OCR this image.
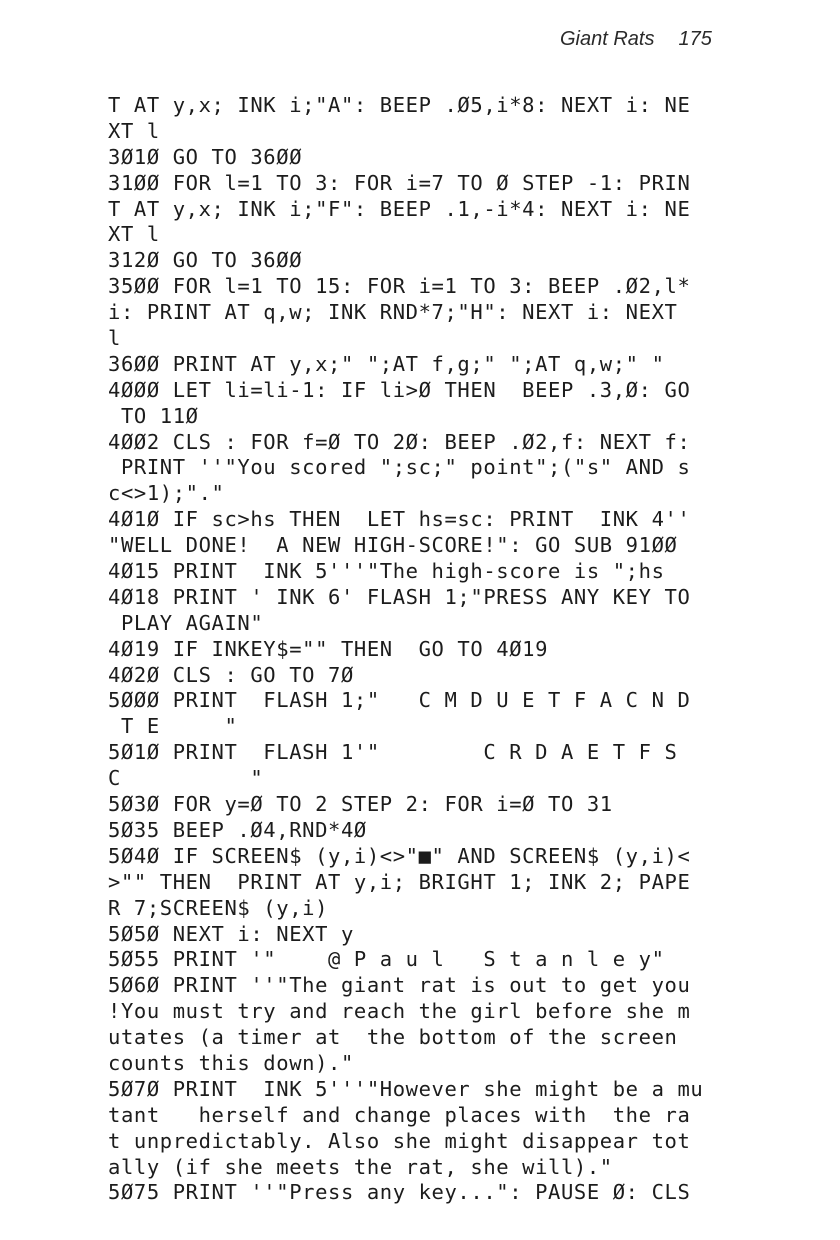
Giant Rats 175
T AT y,x; INK i;"A": BEEP .Ø5,i*8: NEXT i: NE
XT l
3Ø1Ø GO TO 36ØØ
31ØØ FOR l=1 TO 3: FOR i=7 TO Ø STEP -1: PRIN
T AT y,x; INK i;"F": BEEP .1,-i*4: NEXT i: NE
XT l
312Ø GO TO 36ØØ
35ØØ FOR l=1 TO 15: FOR i=1 TO 3: BEEP .Ø2,l*
i: PRINT AT q,w; INK RND*7;"H": NEXT i: NEXT
l
36ØØ PRINT AT y,x;" ";AT f,g;" ";AT q,w;" "
4ØØØ LET li=li-1: IF li>Ø THEN  BEEP .3,Ø: GO
TO 11Ø
4ØØ2 CLS : FOR f=Ø TO 2Ø: BEEP .Ø2,f: NEXT f:
PRINT ''"You scored ";sc;" point";("s" AND s
c<>1);"."
4Ø1Ø IF sc>hs THEN  LET hs=sc: PRINT  INK 4''
"WELL DONE!  A NEW HIGH-SCORE!": GO SUB 91ØØ
4Ø15 PRINT  INK 5'''"The high-score is ";hs
4Ø18 PRINT ' INK 6' FLASH 1;"PRESS ANY KEY TO
PLAY AGAIN"
4Ø19 IF INKEY$="" THEN  GO TO 4Ø19
4Ø2Ø CLS : GO TO 7Ø
5ØØØ PRINT  FLASH 1;"   C M D U E T F A C N D
T E     "
5Ø1Ø PRINT  FLASH 1'"        C R D A E T F S
C          "
5Ø3Ø FOR y=Ø TO 2 STEP 2: FOR i=Ø TO 31
5Ø35 BEEP .Ø4,RND*4Ø
5Ø4Ø IF SCREEN$ (y,i)<>"■" AND SCREEN$ (y,i)<
>"" THEN  PRINT AT y,i; BRIGHT 1; INK 2; PAPE
R 7;SCREEN$ (y,i)
5Ø5Ø NEXT i: NEXT y
5Ø55 PRINT '"    @ P a u l   S t a n l e y"
5Ø6Ø PRINT ''"The giant rat is out to get you
!You must try and reach the girl before she m
utates (a timer at  the bottom of the screen
counts this down)."
5Ø7Ø PRINT  INK 5'''"However she might be a mu
tant   herself and change places with  the ra
t unpredictably. Also she might disappear tot
ally (if she meets the rat, she will)."
5Ø75 PRINT ''"Press any key...": PAUSE Ø: CLS
